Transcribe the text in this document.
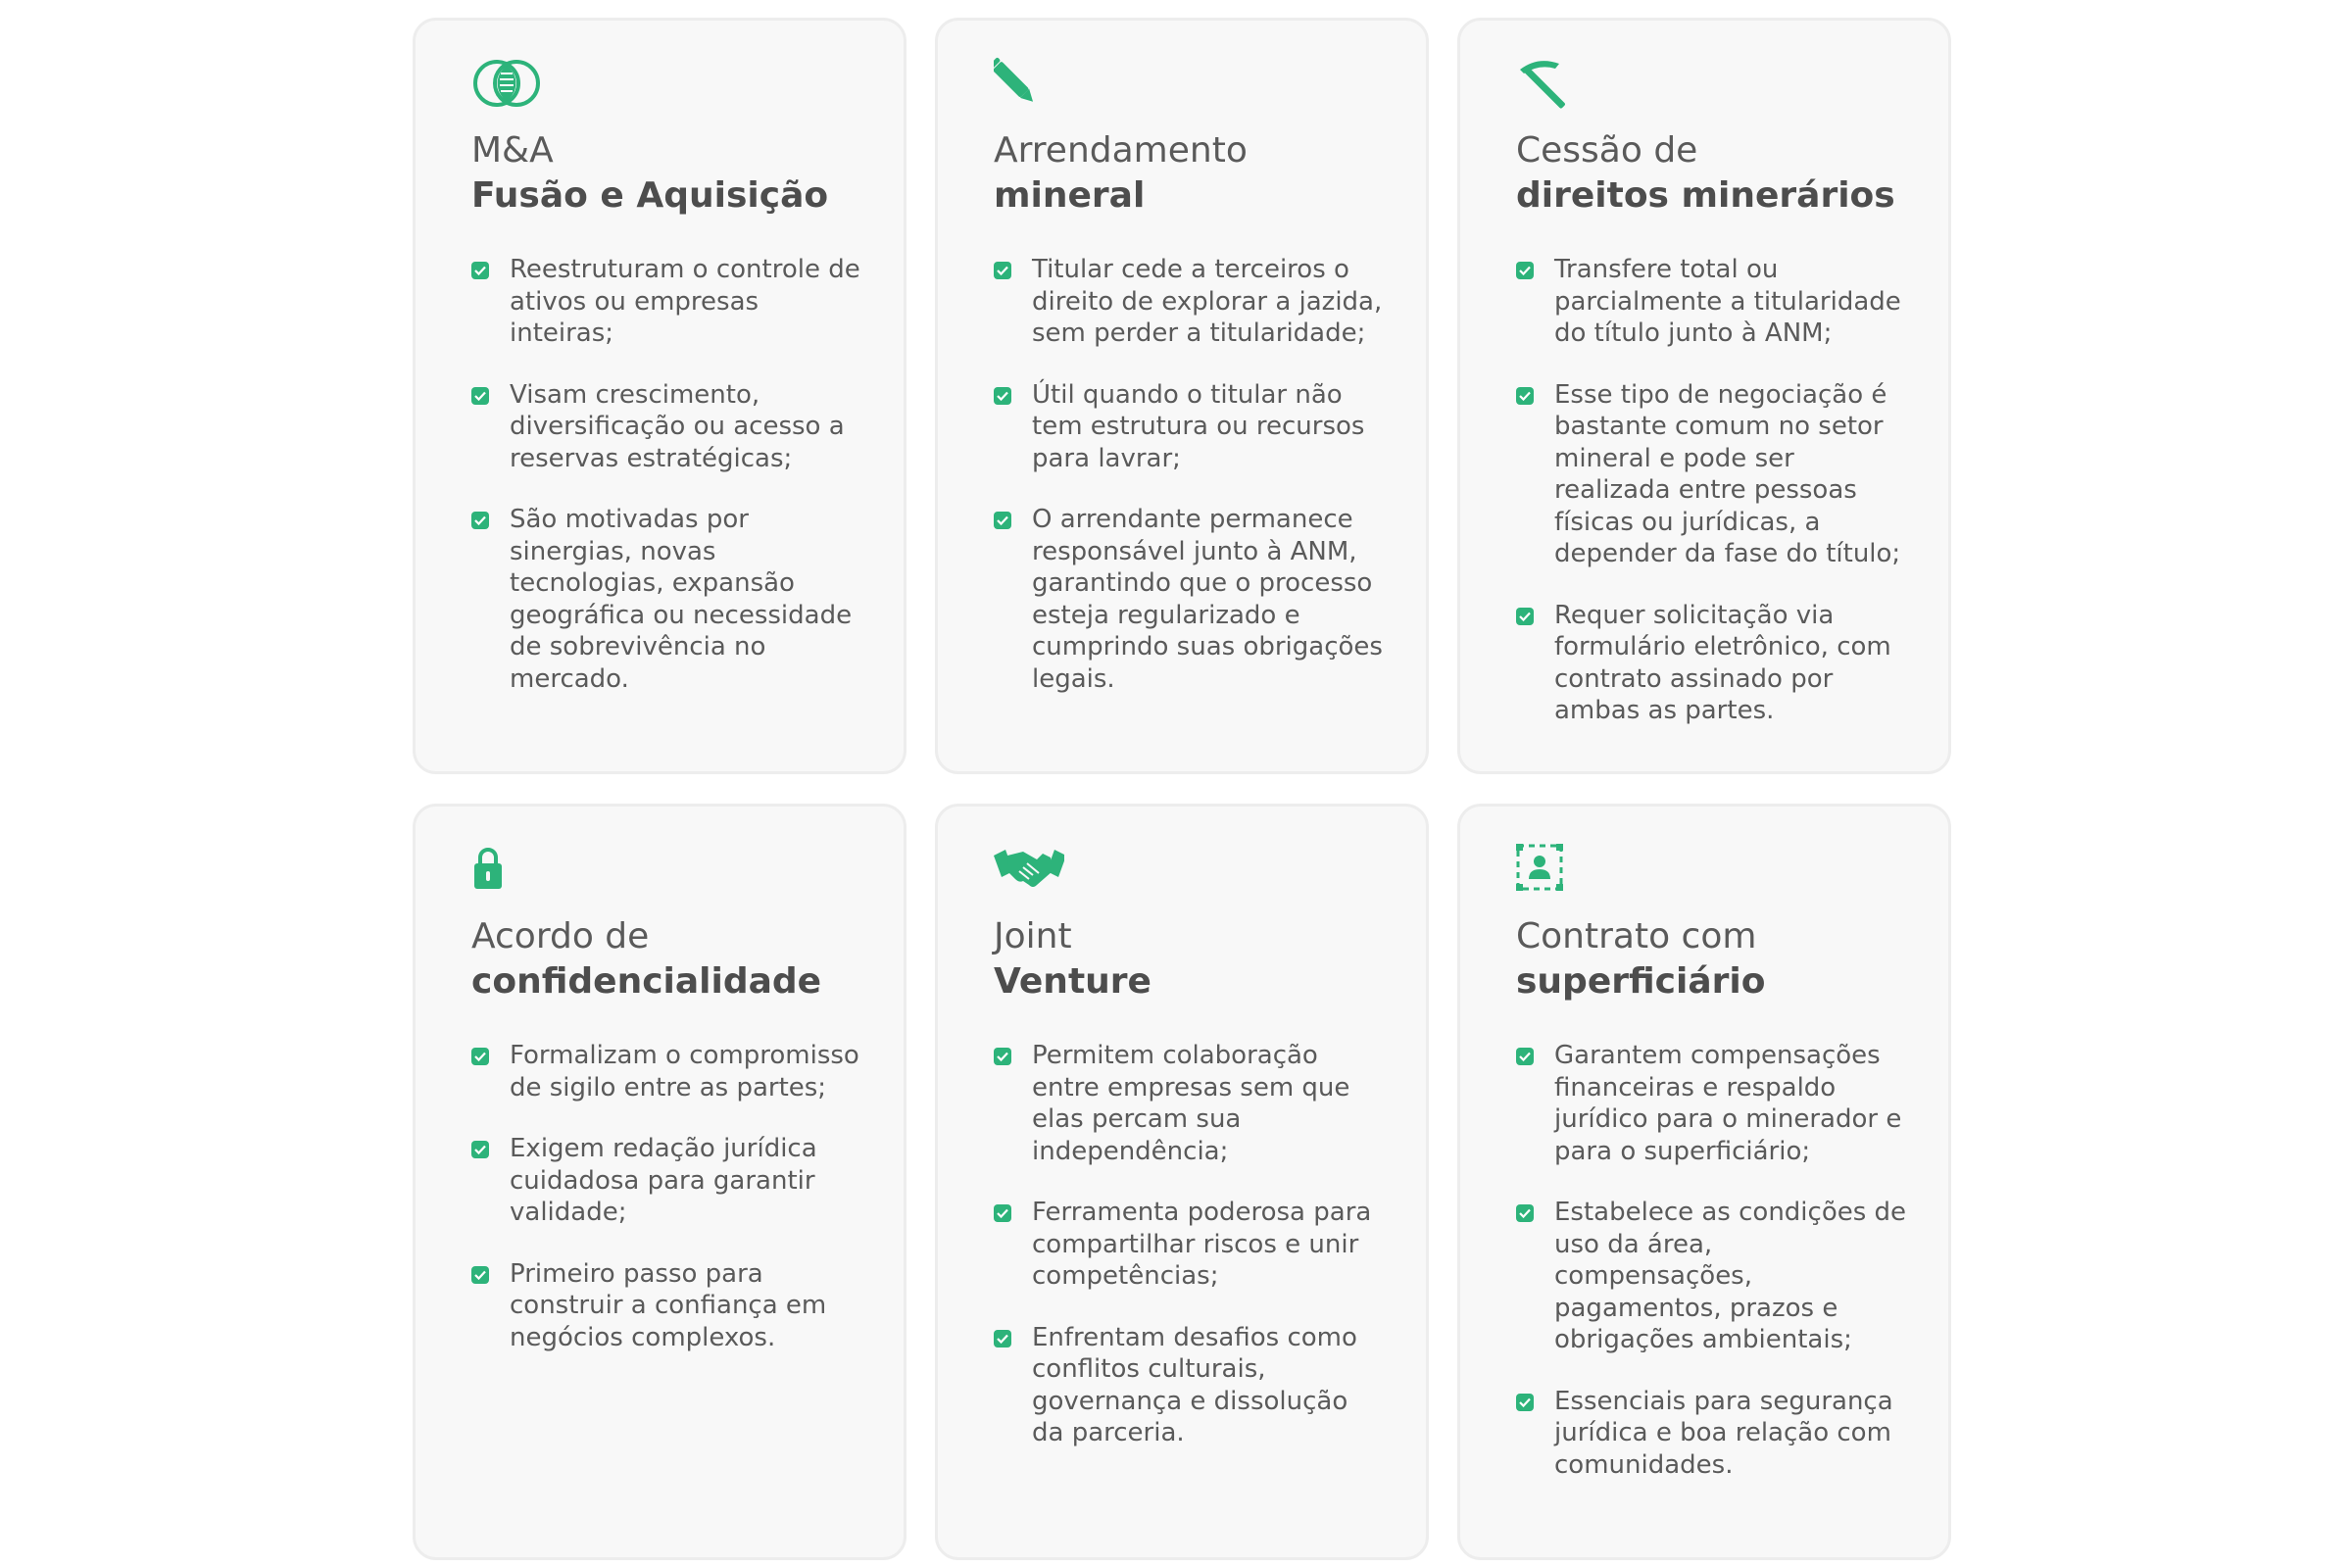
M&A
Fusão e Aquisição
Reestruturam o controle de ativos ou empresas inteiras;
Visam crescimento, diversificação ou acesso a reservas estratégicas;
São motivadas por sinergias, novas tecnologias, expansão geográfica ou necessidade de sobrevivência no mercado.
Arrendamento
mineral
Titular cede a terceiros o direito de explorar a jazida, sem perder a titularidade;
Útil quando o titular não tem estrutura ou recursos para lavrar;
O arrendante permanece responsável junto à ANM, garantindo que o processo esteja regularizado e cumprindo suas obrigações legais.
Cessão de
direitos minerários
Transfere total ou parcialmente a titularidade do título junto à ANM;
Esse tipo de negociação é bastante comum no setor mineral e pode ser realizada entre pessoas físicas ou jurídicas, a depender da fase do título;
Requer solicitação via formulário eletrônico, com contrato assinado por ambas as partes.
Acordo de
confidencialidade
Formalizam o compromisso de sigilo entre as partes;
Exigem redação jurídica cuidadosa para garantir validade;
Primeiro passo para construir a confiança em negócios complexos.
Joint
Venture
Permitem colaboração entre empresas sem que elas percam sua independência;
Ferramenta poderosa para compartilhar riscos e unir competências;
Enfrentam desafios como conflitos culturais, governança e dissolução da parceria.
Contrato com
superficiário
Garantem compensações financeiras e respaldo jurídico para o minerador e para o superficiário;
Estabelece as condições de uso da área, compensações, pagamentos, prazos e obrigações ambientais;
Essenciais para segurança jurídica e boa relação com comunidades.
